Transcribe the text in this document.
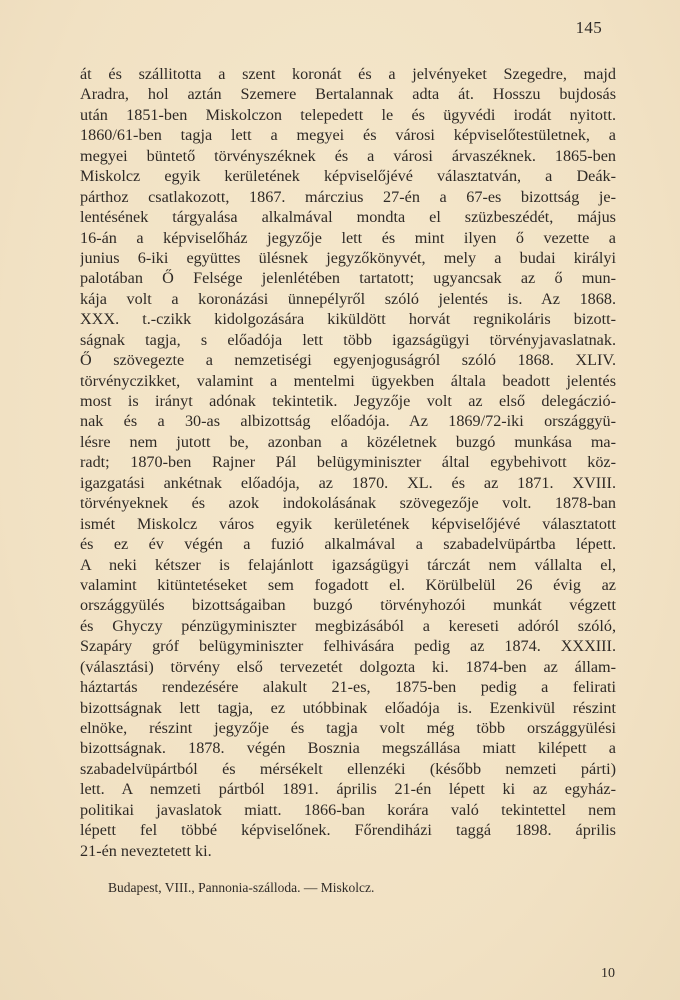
145
át és szállitotta a szent koronát és a jelvényeket Szegedre, majd
Aradra, hol aztán Szemere Bertalannak adta át. Hosszu bujdosás
után 1851-ben Miskolczon telepedett le és ügyvédi irodát nyitott.
1860/61-ben tagja lett a megyei és városi képviselőtestületnek, a
megyei büntető törvényszéknek és a városi árvaszéknek. 1865-ben
Miskolcz egyik kerületének képviselőjévé választatván, a Deák-
párthoz csatlakozott, 1867. márczius 27-én a 67-es bizottság je-
lentésének tárgyalása alkalmával mondta el szüzbeszédét, május
16-án a képviselőház jegyzője lett és mint ilyen ő vezette a
junius 6-iki együttes ülésnek jegyzőkönyvét, mely a budai királyi
palotában Ő Felsége jelenlétében tartatott; ugyancsak az ő mun-
kája volt a koronázási ünnepélyről szóló jelentés is. Az 1868.
XXX. t.-czikk kidolgozására kiküldött horvát regnikoláris bizott-
ságnak tagja, s előadója lett több igazságügyi törvényjavaslatnak.
Ő szövegezte a nemzetiségi egyenjoguságról szóló 1868. XLIV.
törvényczikket, valamint a mentelmi ügyekben általa beadott jelentés
most is irányt adónak tekintetik. Jegyzője volt az első delegáczió-
nak és a 30-as albizottság előadója. Az 1869/72-iki országgyü-
lésre nem jutott be, azonban a közéletnek buzgó munkása ma-
radt; 1870-ben Rajner Pál belügyminiszter által egybehivott köz-
igazgatási ankétnak előadója, az 1870. XL. és az 1871. XVIII.
törvényeknek és azok indokolásának szövegezője volt. 1878-ban
ismét Miskolcz város egyik kerületének képviselőjévé választatott
és ez év végén a fuzió alkalmával a szabadelvüpártba lépett.
A neki kétszer is felajánlott igazságügyi tárczát nem vállalta el,
valamint kitüntetéseket sem fogadott el. Körülbelül 26 évig az
országgyülés bizottságaiban buzgó törvényhozói munkát végzett
és Ghyczy pénzügyminiszter megbizásából a kereseti adóról szóló,
Szapáry gróf belügyminiszter felhivására pedig az 1874. XXXIII.
(választási) törvény első tervezetét dolgozta ki. 1874-ben az állam-
háztartás rendezésére alakult 21-es, 1875-ben pedig a felirati
bizottságnak lett tagja, ez utóbbinak előadója is. Ezenkivül részint
elnöke, részint jegyzője és tagja volt még több országgyülési
bizottságnak. 1878. végén Bosznia megszállása miatt kilépett a
szabadelvüpártból és mérsékelt ellenzéki (később nemzeti párti)
lett. A nemzeti pártból 1891. április 21-én lépett ki az egyház-
politikai javaslatok miatt. 1866-ban korára való tekintettel nem
lépett fel többé képviselőnek. Főrendiházi taggá 1898. április
21-én neveztetett ki.
Budapest, VIII., Pannonia-szálloda. — Miskolcz.
10
